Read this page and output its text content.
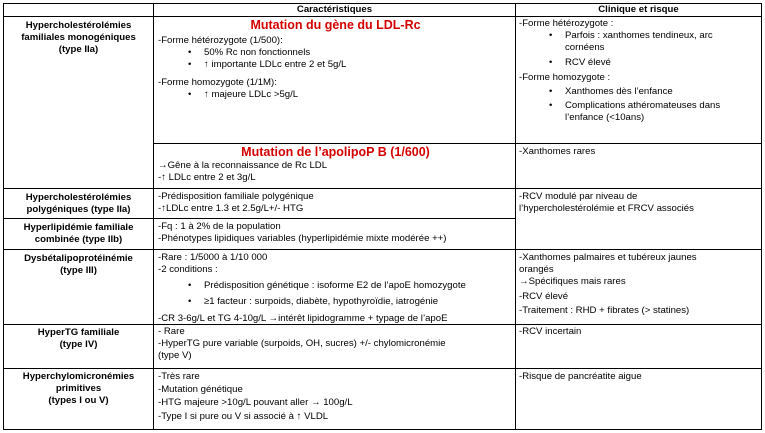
Caractéristiques	Clinique et risque
Hypercholestérolémies
familiales monogéniques
(type IIa)
Mutation du gène du LDL-Rc
-Forme hétérozygote (1/500):
• 50% Rc non fonctionnels
• ↑ importante LDLc entre 2 et 5g/L
-Forme homozygote (1/1M):
• ↑ majeure LDLc >5g/L
Mutation de l’apolipoP B (1/600)
→Gêne à la reconnaissance de Rc LDL
-↑ LDLc entre 2 et 3g/L
-Forme hétérozygote :
• Parfois : xanthomes tendineux, arc cornéens
• RCV élevé
-Forme homozygote :
• Xanthomes dès l’enfance
• Complications athéromateuses dans l’enfance (<10ans)
-Xanthomes rares
Hypercholestérolémies
polygéniques (type IIa)
-Prédisposition familiale polygénique
-↑LDLc entre 1.3 et 2.5g/L+/- HTG
Hyperlipidémie familiale
combinée (type IIb)
-Fq : 1 à 2% de la population
-Phénotypes lipidiques variables (hyperlipidémie mixte modérée ++)
-RCV modulé par niveau de
l’hypercholestérolémie et FRCV associés
Dysbétalipoprotéinémie
(type III)
-Rare : 1/5000 à 1/10 000
-2 conditions :
• Prédisposition génétique : isoforme E2 de l’apoE homozygote
• ≥1 facteur : surpoids, diabète, hypothyroïdie, iatrogénie
-CR 3-6g/L et TG 4-10g/L →intérêt lipidogramme + typage de l’apoE
-Xanthomes palmaires et tubéreux jaunes
orangés
→Spécifiques mais rares
-RCV élevé
-Traitement : RHD + fibrates (> statines)
HyperTG familiale
(type IV)
- Rare
-HyperTG pure variable (surpoids, OH, sucres) +/- chylomicronémie
(type V)
-RCV incertain
Hyperchylomicronémies
primitives
(types I ou V)
-Très rare
-Mutation génétique
-HTG majeure >10g/L pouvant aller → 100g/L
-Type I si pure ou V si associé à ↑ VLDL
-Risque de pancréatite aigue
